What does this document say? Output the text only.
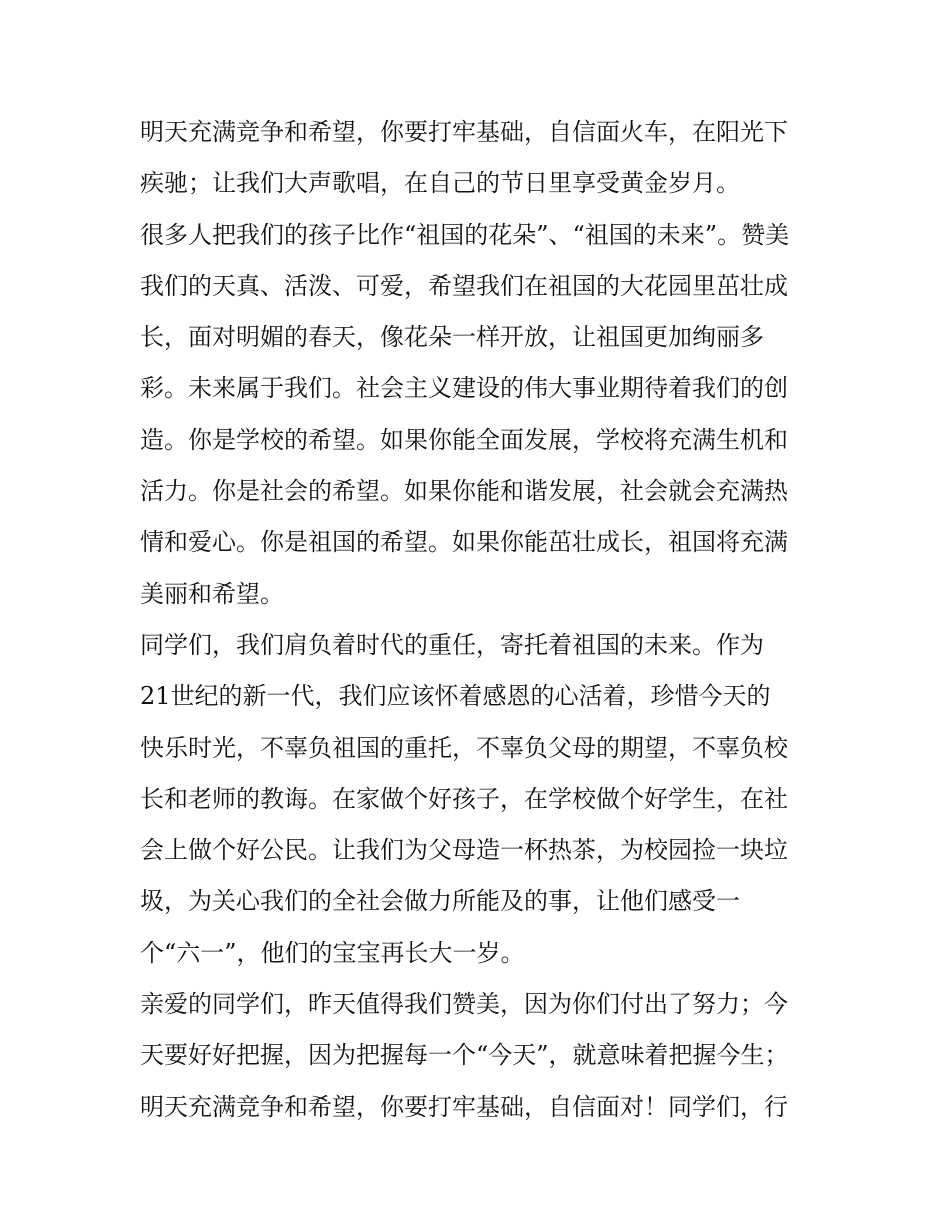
明天充满竞争和希望，你要打牢基础，自信面火车，在阳光下
疾驰；让我们大声歌唱，在自己的节日里享受黄金岁月。
很多人把我们的孩子比作“祖国的花朵”、“祖国的未来”。赞美
我们的天真、活泼、可爱，希望我们在祖国的大花园里茁壮成
长，面对明媚的春天，像花朵一样开放，让祖国更加绚丽多
彩。未来属于我们。社会主义建设的伟大事业期待着我们的创
造。你是学校的希望。如果你能全面发展，学校将充满生机和
活力。你是社会的希望。如果你能和谐发展，社会就会充满热
情和爱心。你是祖国的希望。如果你能茁壮成长，祖国将充满
美丽和希望。
同学们，我们肩负着时代的重任，寄托着祖国的未来。作为
21世纪的新一代，我们应该怀着感恩的心活着，珍惜今天的
快乐时光，不辜负祖国的重托，不辜负父母的期望，不辜负校
长和老师的教诲。在家做个好孩子，在学校做个好学生，在社
会上做个好公民。让我们为父母造一杯热茶，为校园捡一块垃
圾，为关心我们的全社会做力所能及的事，让他们感受一
个“六一”，他们的宝宝再长大一岁。
亲爱的同学们，昨天值得我们赞美，因为你们付出了努力；今
天要好好把握，因为把握每一个“今天”，就意味着把握今生；
明天充满竞争和希望，你要打牢基础，自信面对！同学们，行
